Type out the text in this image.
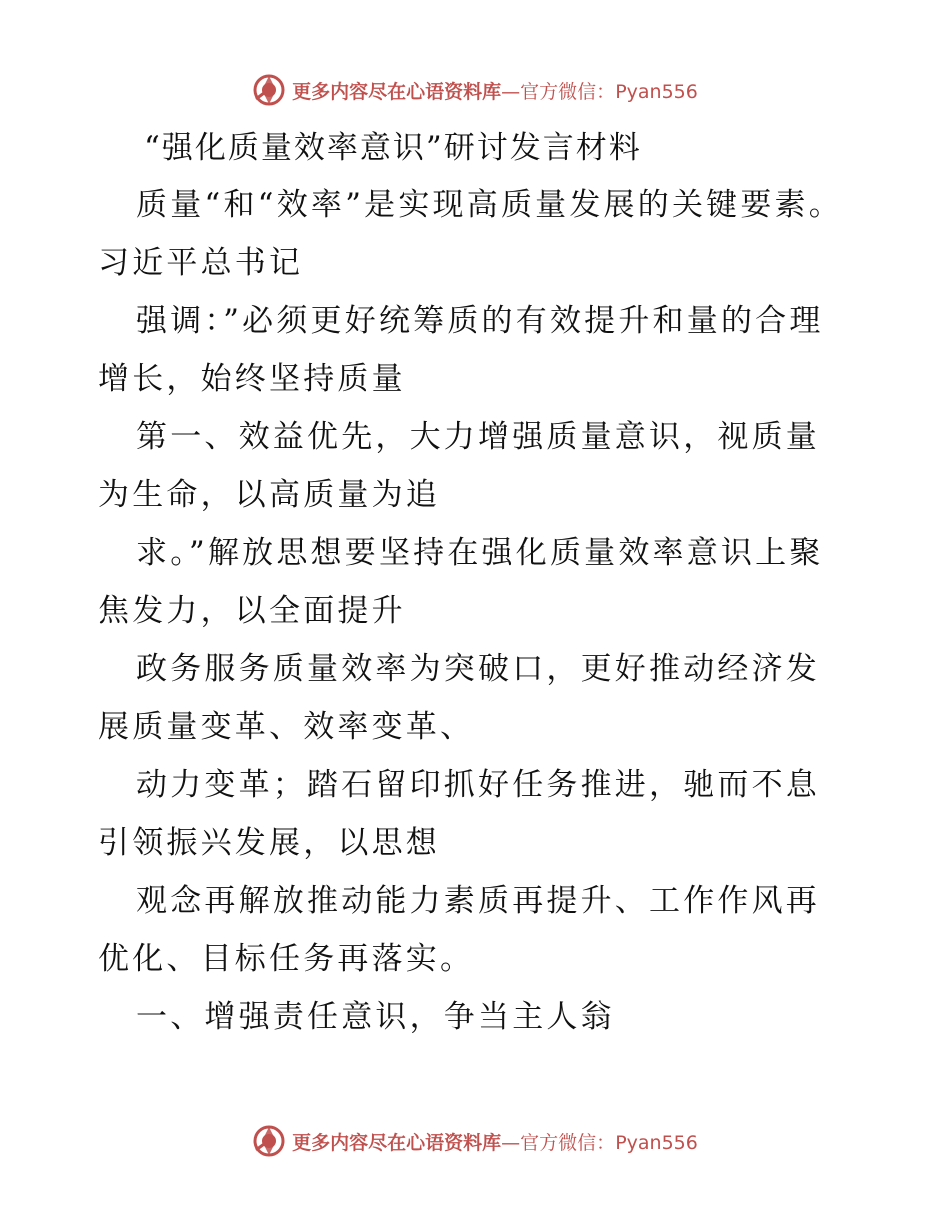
更多内容尽在心语资料库—官方微信：Pyan556
“强化质量效率意识”研讨发言材料

质量“和“效率”是实现高质量发展的关键要素。习近平总书记

强调：”必须更好统筹质的有效提升和量的合理增长，始终坚持质量

第一、效益优先，大力增强质量意识，视质量为生命，以高质量为追

求。”解放思想要坚持在强化质量效率意识上聚焦发力，以全面提升

政务服务质量效率为突破口，更好推动经济发展质量变革、效率变革、

动力变革；踏石留印抓好任务推进，驰而不息引领振兴发展，以思想

观念再解放推动能力素质再提升、工作作风再优化、目标任务再落实。

一、增强责任意识，争当主人翁

更多内容尽在心语资料库—官方微信：Pyan556
